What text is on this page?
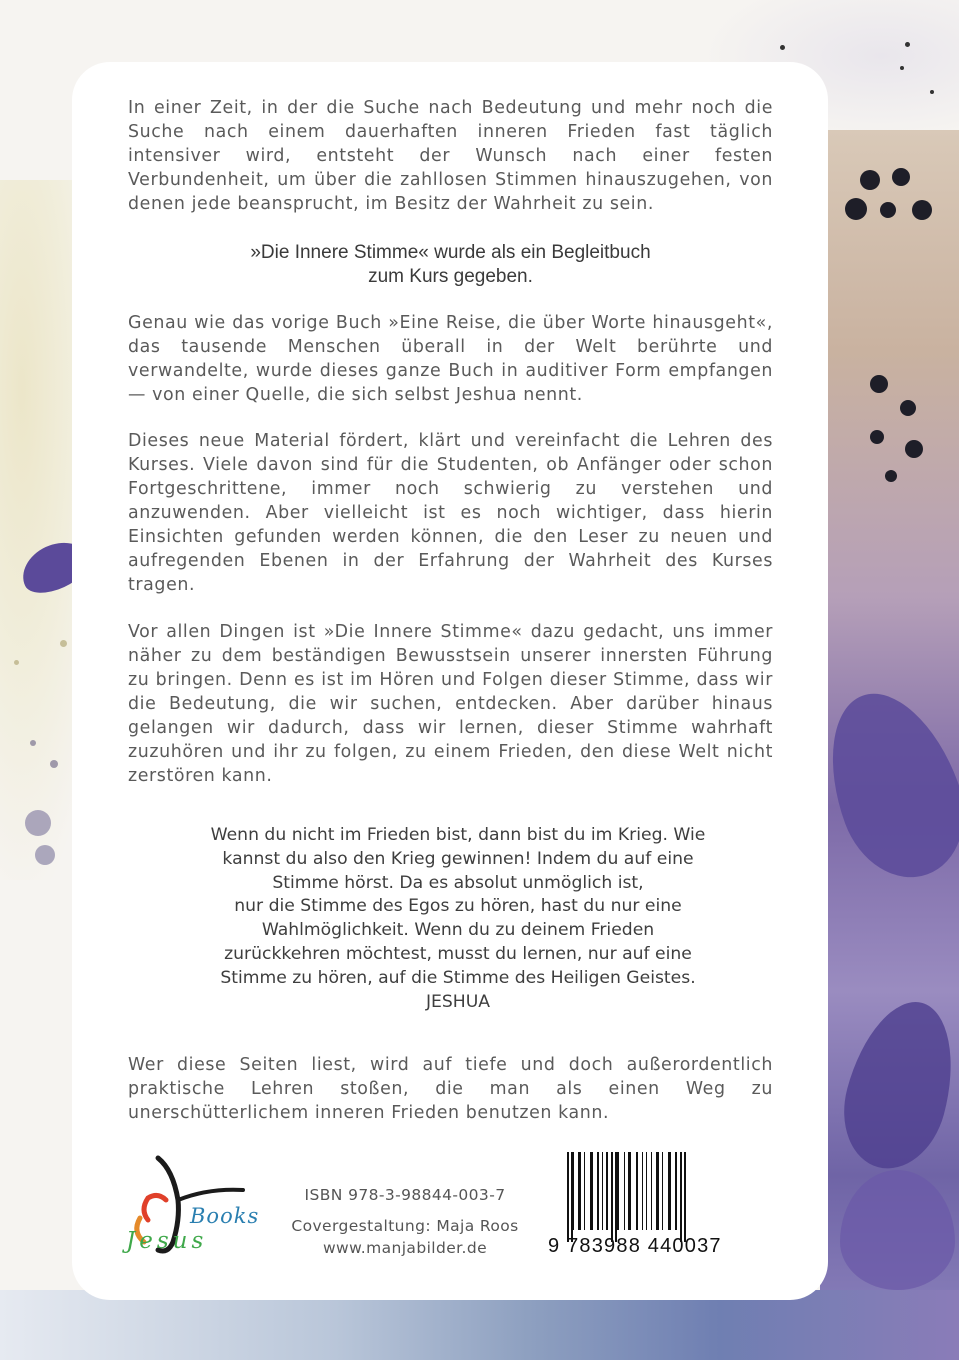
In einer Zeit, in der die Suche nach Bedeutung und mehr noch die Suche nach einem dauerhaften inneren Frieden fast täglich intensiver wird, entsteht der Wunsch nach einer festen Verbundenheit, um über die zahllosen Stimmen hinauszugehen, von denen jede beansprucht, im Besitz der Wahrheit zu sein.

»Die Innere Stimme« wurde als ein Begleitbuch
zum Kurs gegeben.

Genau wie das vorige Buch »Eine Reise, die über Worte hinausgeht«, das tausende Menschen überall in der Welt berührte und verwandelte, wurde dieses ganze Buch in auditiver Form empfangen — von einer Quelle, die sich selbst Jeshua nennt.

Dieses neue Material fördert, klärt und vereinfacht die Lehren des Kurses. Viele davon sind für die Studenten, ob Anfänger oder schon Fortgeschrittene, immer noch schwierig zu verstehen und anzuwenden. Aber vielleicht ist es noch wichtiger, dass hierin Einsichten gefunden werden können, die den Leser zu neuen und aufregenden Ebenen in der Erfahrung der Wahrheit des Kurses tragen.

Vor allen Dingen ist »Die Innere Stimme« dazu gedacht, uns immer näher zu dem beständigen Bewusstsein unserer innersten Führung zu bringen. Denn es ist im Hören und Folgen dieser Stimme, dass wir die Bedeutung, die wir suchen, entdecken. Aber darüber hinaus gelangen wir dadurch, dass wir lernen, dieser Stimme wahrhaft zuzuhören und ihr zu folgen, zu einem Frieden, den diese Welt nicht zerstören kann.

Wenn du nicht im Frieden bist, dann bist du im Krieg. Wie
kannst du also den Krieg gewinnen! Indem du auf eine
Stimme hörst. Da es absolut unmöglich ist,
nur die Stimme des Egos zu hören, hast du nur eine
Wahlmöglichkeit. Wenn du zu deinem Frieden
zurückkehren möchtest, musst du lernen, nur auf eine
Stimme zu hören, auf die Stimme des Heiligen Geistes.
JESHUA

Wer diese Seiten liest, wird auf tiefe und doch außerordentlich praktische Lehren stoßen, die man als einen Weg zu unerschütterlichem inneren Frieden benutzen kann.

Books
Jesus
ISBN 978-3-98844-003-7
Covergestaltung: Maja Roos
www.manjabilder.de	9 783988 440037
